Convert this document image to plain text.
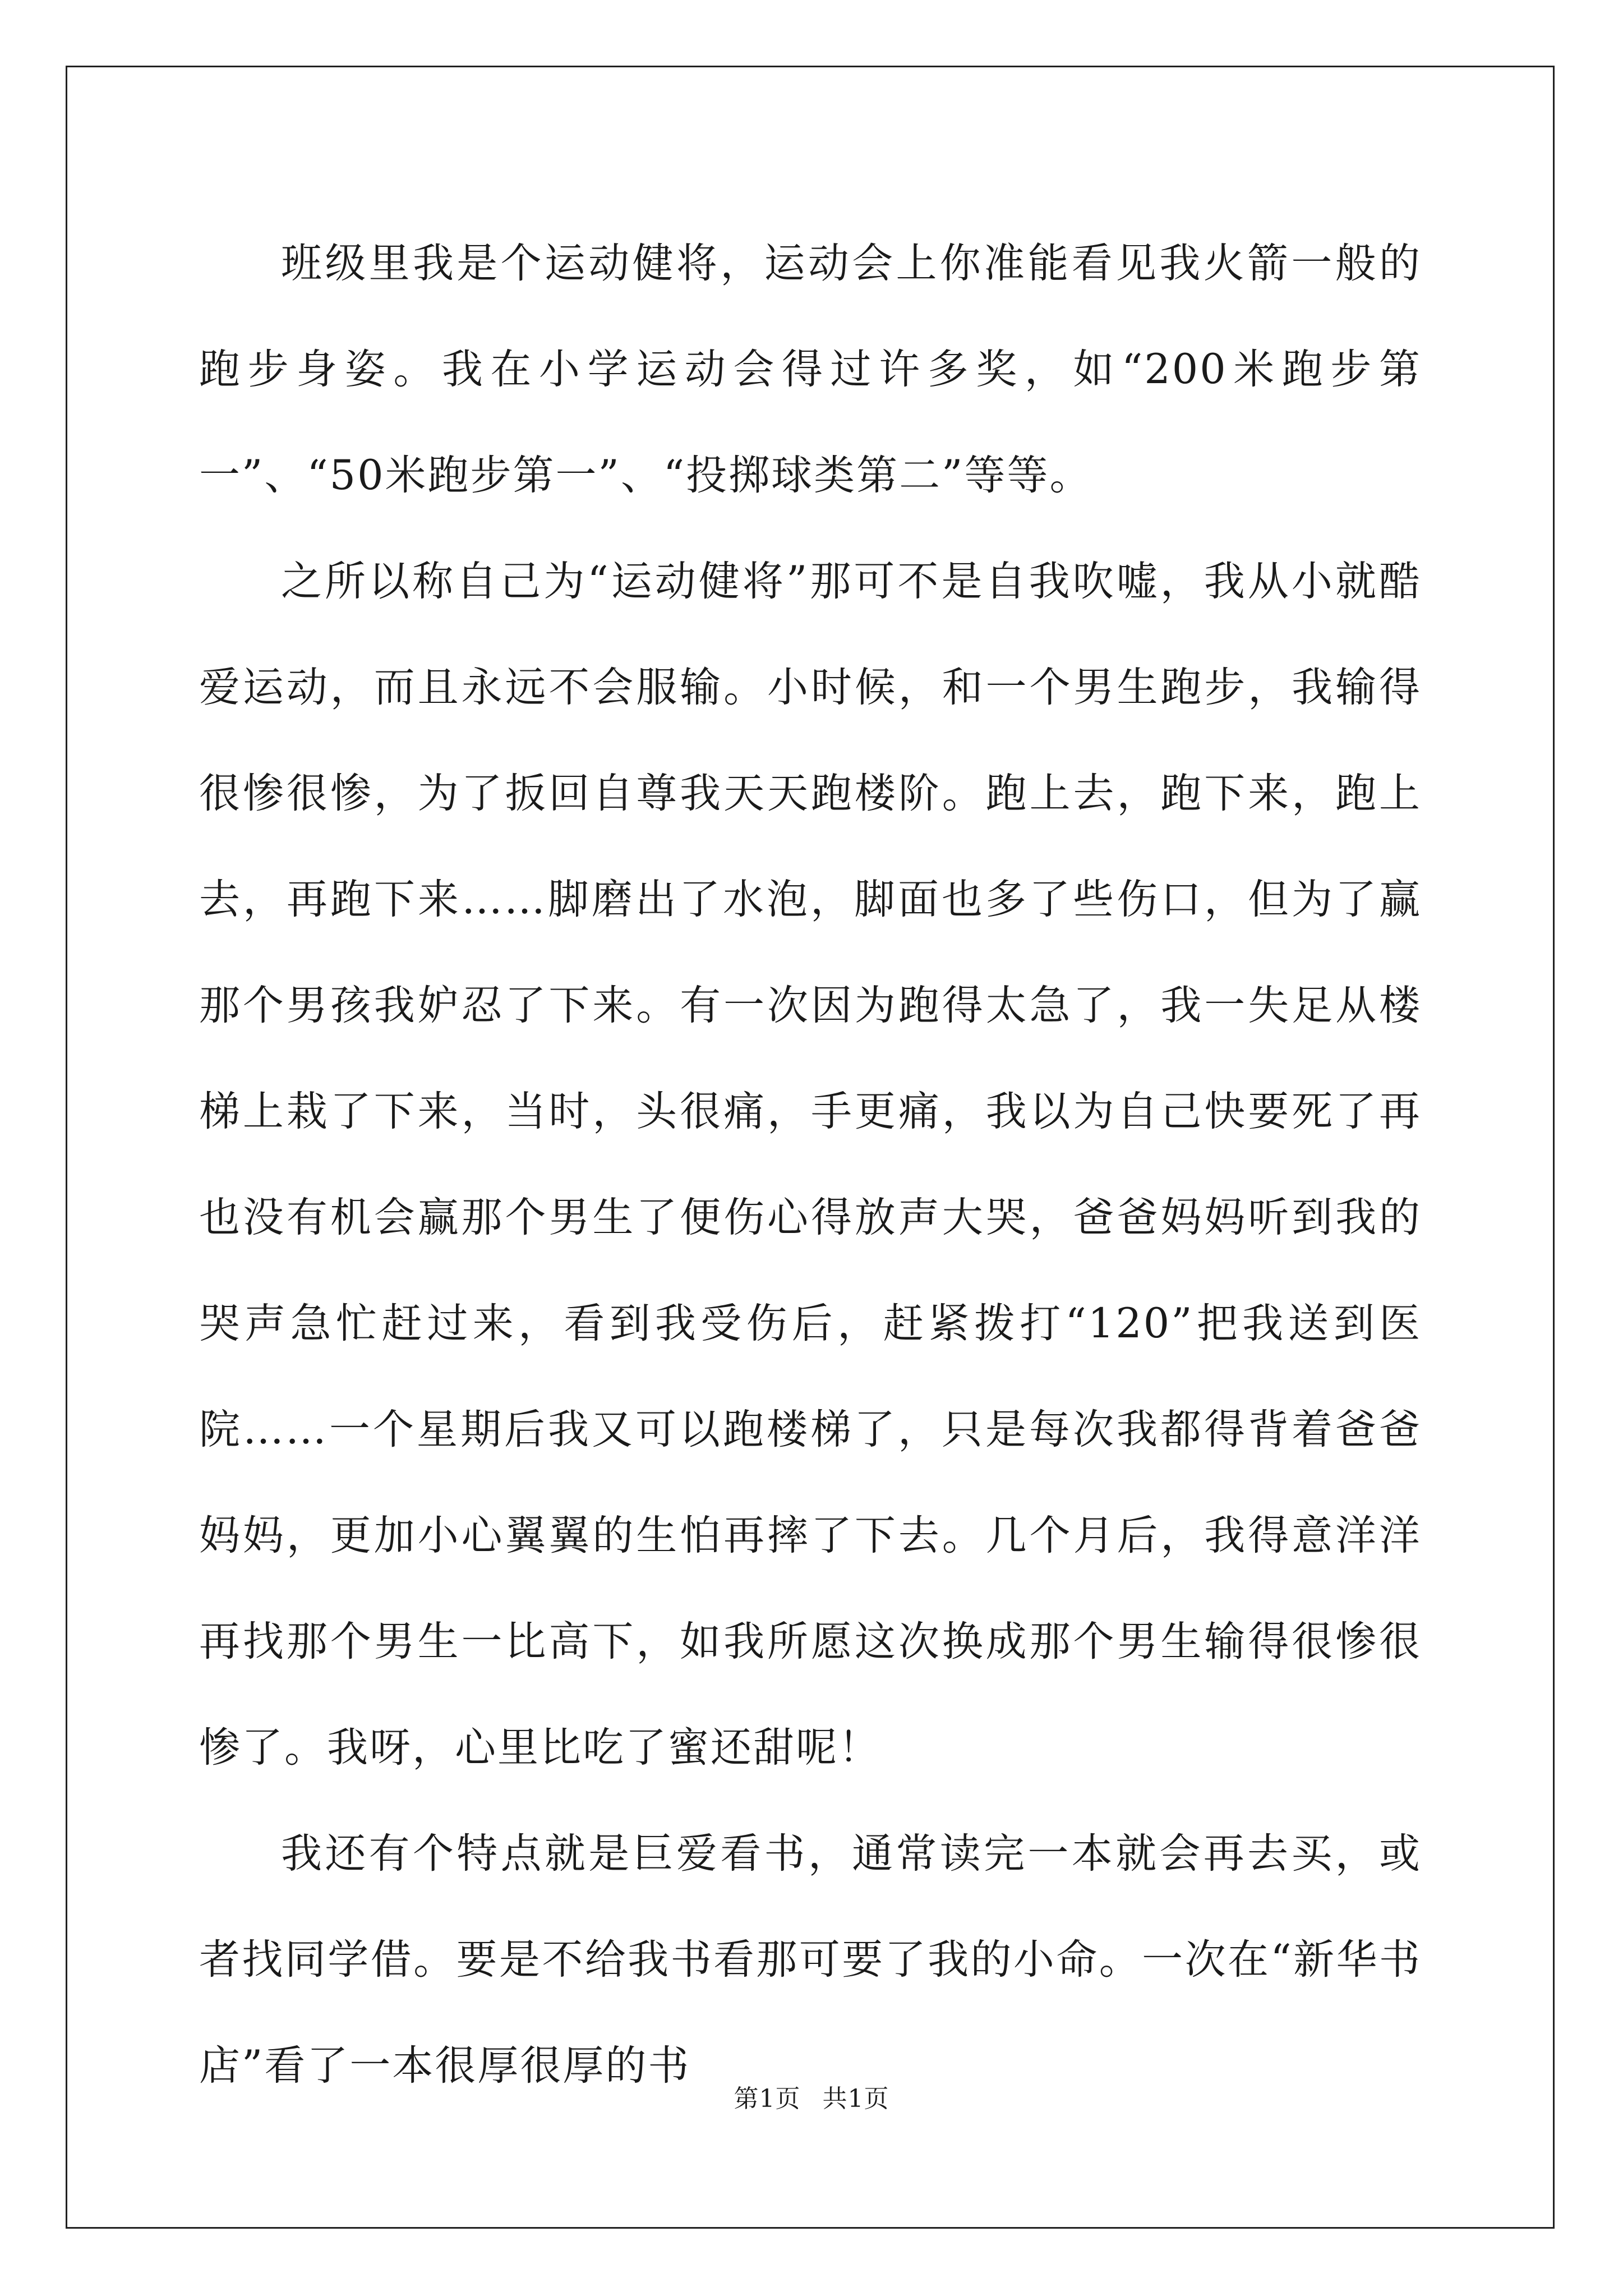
班级里我是个运动健将，运动会上你准能看见我火箭一般的跑步身姿。我在小学运动会得过许多奖，如“200米跑步第一”、“50米跑步第一”、“投掷球类第二”等等。

之所以称自己为“运动健将”那可不是自我吹嘘，我从小就酷爱运动，而且永远不会服输。小时候，和一个男生跑步，我输得很惨很惨，为了扳回自尊我天天跑楼阶。跑上去，跑下来，跑上去，再跑下来……脚磨出了水泡，脚面也多了些伤口，但为了赢那个男孩我妒忍了下来。有一次因为跑得太急了，我一失足从楼梯上栽了下来，当时，头很痛，手更痛，我以为自己快要死了再也没有机会赢那个男生了便伤心得放声大哭，爸爸妈妈听到我的哭声急忙赶过来，看到我受伤后，赶紧拨打“120”把我送到医院……一个星期后我又可以跑楼梯了，只是每次我都得背着爸爸妈妈，更加小心翼翼的生怕再摔了下去。几个月后，我得意洋洋再找那个男生一比高下，如我所愿这次换成那个男生输得很惨很惨了。我呀，心里比吃了蜜还甜呢！

我还有个特点就是巨爱看书，通常读完一本就会再去买，或者找同学借。要是不给我书看那可要了我的小命。一次在“新华书店”看了一本很厚很厚的书

第1页 共1页
